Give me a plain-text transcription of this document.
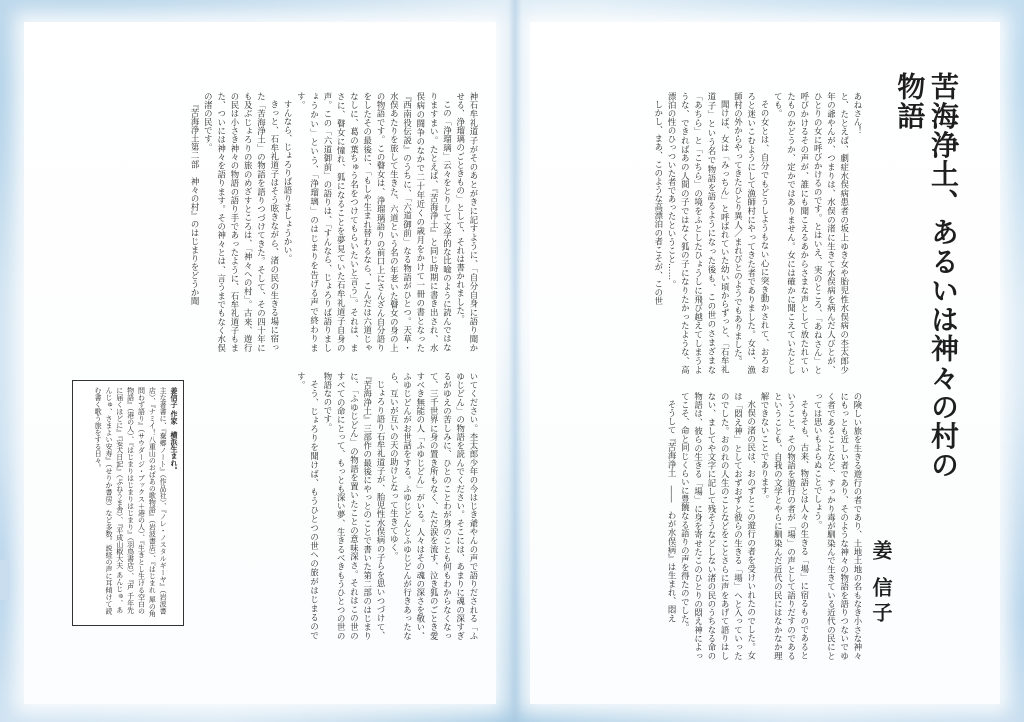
苦海浄土、あるいは神々の村の物語
姜 信子

あねさん！

と、たとえば、劇症水俣病患者の坂上ゆき女や胎児性水俣病の杢太郎少年の爺やんが、つまりは、水俣の渚に生きて水俣病を病んだ人びとが、ひとりの女に呼びかけるのです。とはいえ、実のところ、「あねさん」と呼びかけるその声が、誰にも聞こえるあからさまな声として放たれていたものかどうか、定かではありません。女には確かに聞こえていたとしても。

その女とは、自分でもどうしようもない心に突き動かされて、おろおろと迷いこむようにして漁師村にやってきた者でありました。女は、漁師村の外からやってきたひとり異人／まれびとのようでもありました。

聞けば、女は「みっちん」と呼ばれていた幼い頃からずっと、「石牟礼道子」という名で物語を語るようになった後も、この世のさまざまな「あちら」と「こちら」の境をふとしたひょうしに飛び越えてしまうような、できればあの人間の子ではなく狐の子になりたかったような、高漂泊の性のひっついた者であったということ……。

しかし、まあ、このような高漂泊の者こそが、この世

の険しい旅を生きる遊行の者であり、土地土地の名もなき小さな神々にもっとも近しい者であり、そのような神々の物語を語りつないでゆく者であることなど、すっかり毒が馴染んで生きている近代の民にとっては思いもよらぬことでしょう。

そもそも、古来、物語とは人々の生きる「場」に宿るものであるということ、その物語を遊行の者が「場」の声として語りだすのであるということも、自我の文学とやらに馴染んだ近代の民にはなかなか理解できないことであります。

水俣の渚の民は、おのずとこの遊行の者を受けいれたのでした。女は「悶え神」としておずおずと彼らの生きる「場」へと入っていったのでした。おのれの人生のことなどをことさらに声をあげて語りはしない、ましてや文字に記して残そうなどしない渚の民のうちなる命の物語は、彼らの生きる「場」に身を寄せたこのひとりの悶え神によってこそ、命と同じくらいに豊饒なる語りの声を得たのでした。

そうして『苦海浄土　――　わが水俣病』は生まれ、悶え

神石牟礼道子がそのあとがきに記すように、「自分自身に語り聞かせる、浄瑠璃のごときもの」として、それは書かれました。

この「浄瑠璃」云々をとりして文学的な比喩のように読んではなりますまい。たとえば、『苦海浄土』と同じ時期に書き出され、水俣病の闘争のなかで二十年近くの歳月をかけて一冊の書となった『西南役伝説』のうちに、「六道御前」なる物語がひとつ。天草・水俣あたりを旅して生きた、六道という名の年老いた瞽女の身の上の物語です。この瞽女は、浄瑠璃語りの前口上にさんざん自分語りをしたその最後に、「もしや生まれ替わるなら、こんだは六道じゃなしに、葛の葉ちゅう名をつけてもらいたいと言う」。それは、まさに、瞽女に憧れ、狐になることを夢見ていた石牟礼道子自身の声。この「六道御前」の語りは、「すんなら、じょろりば語りましょうかい」という、「浄瑠璃」のはじまりを告げる声で終わります。

すんなら、じょろりば語りましょうかい。

きっと、石牟礼道子はそう呟きながら、渚の民の生きる場に宿った「苦海浄土」の物語を語りつづけてきた。そして、その四十年にも及ぶじょろりの旅のめざすところは、「神々への村」。古来、遊行の民は小さき神々の物語の語り手であったように、石牟礼道子もまた、ついには神々を語ります。その神々とは、言うまでもなく水俣の渚の民です。

『苦海浄土第二部　神々の村』のはじまりをどうか聞

いてください。杢太郎少年の今はじき爺やんの声で語りだされる「ふゆじどん」の物語を読んでください。そこには、あまりに魂の深すぎるがゆえの苦しみに、ひとのことわが身のことも何もわからなくなって、三千世界に身の置き所もなく、ただ涙を流す、泣き狐のごとき愛すべき無能の人「ふゆじどん」がいる。人々はその魂の深さを敬い、ふゆじどんがお世話をする。ふゆじどんとふゆじどんが行きあったなら、互いが互いの天の助けとなって生きてゆく。

じょろり語り石牟礼道子が、胎児性水俣病の子らを思いつづけて、『苦海浄土』三部作の最後にやっとのことで書いた第二部のはじまりに、「ふゆじどん」の物語を置いたことの意味深さ。それはこの世のすべての命にとって、もっとも深い夢、生きるべきもうひとつの世の物語なのです。

そう、じょろりを聞けば、もうひとつの世への旅がはじまるのです。

姜信子 作家　横浜生まれ。

主な著書に、『棄郷ノート』（作品社）、『ノレ・ノスタルギーヤ』（岩波書店）、『ナミイ！八重山のおばあの歌物語』（岩波書店）、『はじまれ 犀の角問わず語り』（サウダージ・ブックス＋港の人）、『生きとし生ける空白の物語』（港の人）、『はじまりはじまりはじまり』（羽鳥書店）、『声 千年先に届くほどに』『妄犬日記』（ぷねうま舎）、『平成山椒大夫 あんじゅ、あんじゅ、さまよい安寿』（せりか書房）など多数。説経の声に耳傾けて読む書く歌う旅をする日々。
